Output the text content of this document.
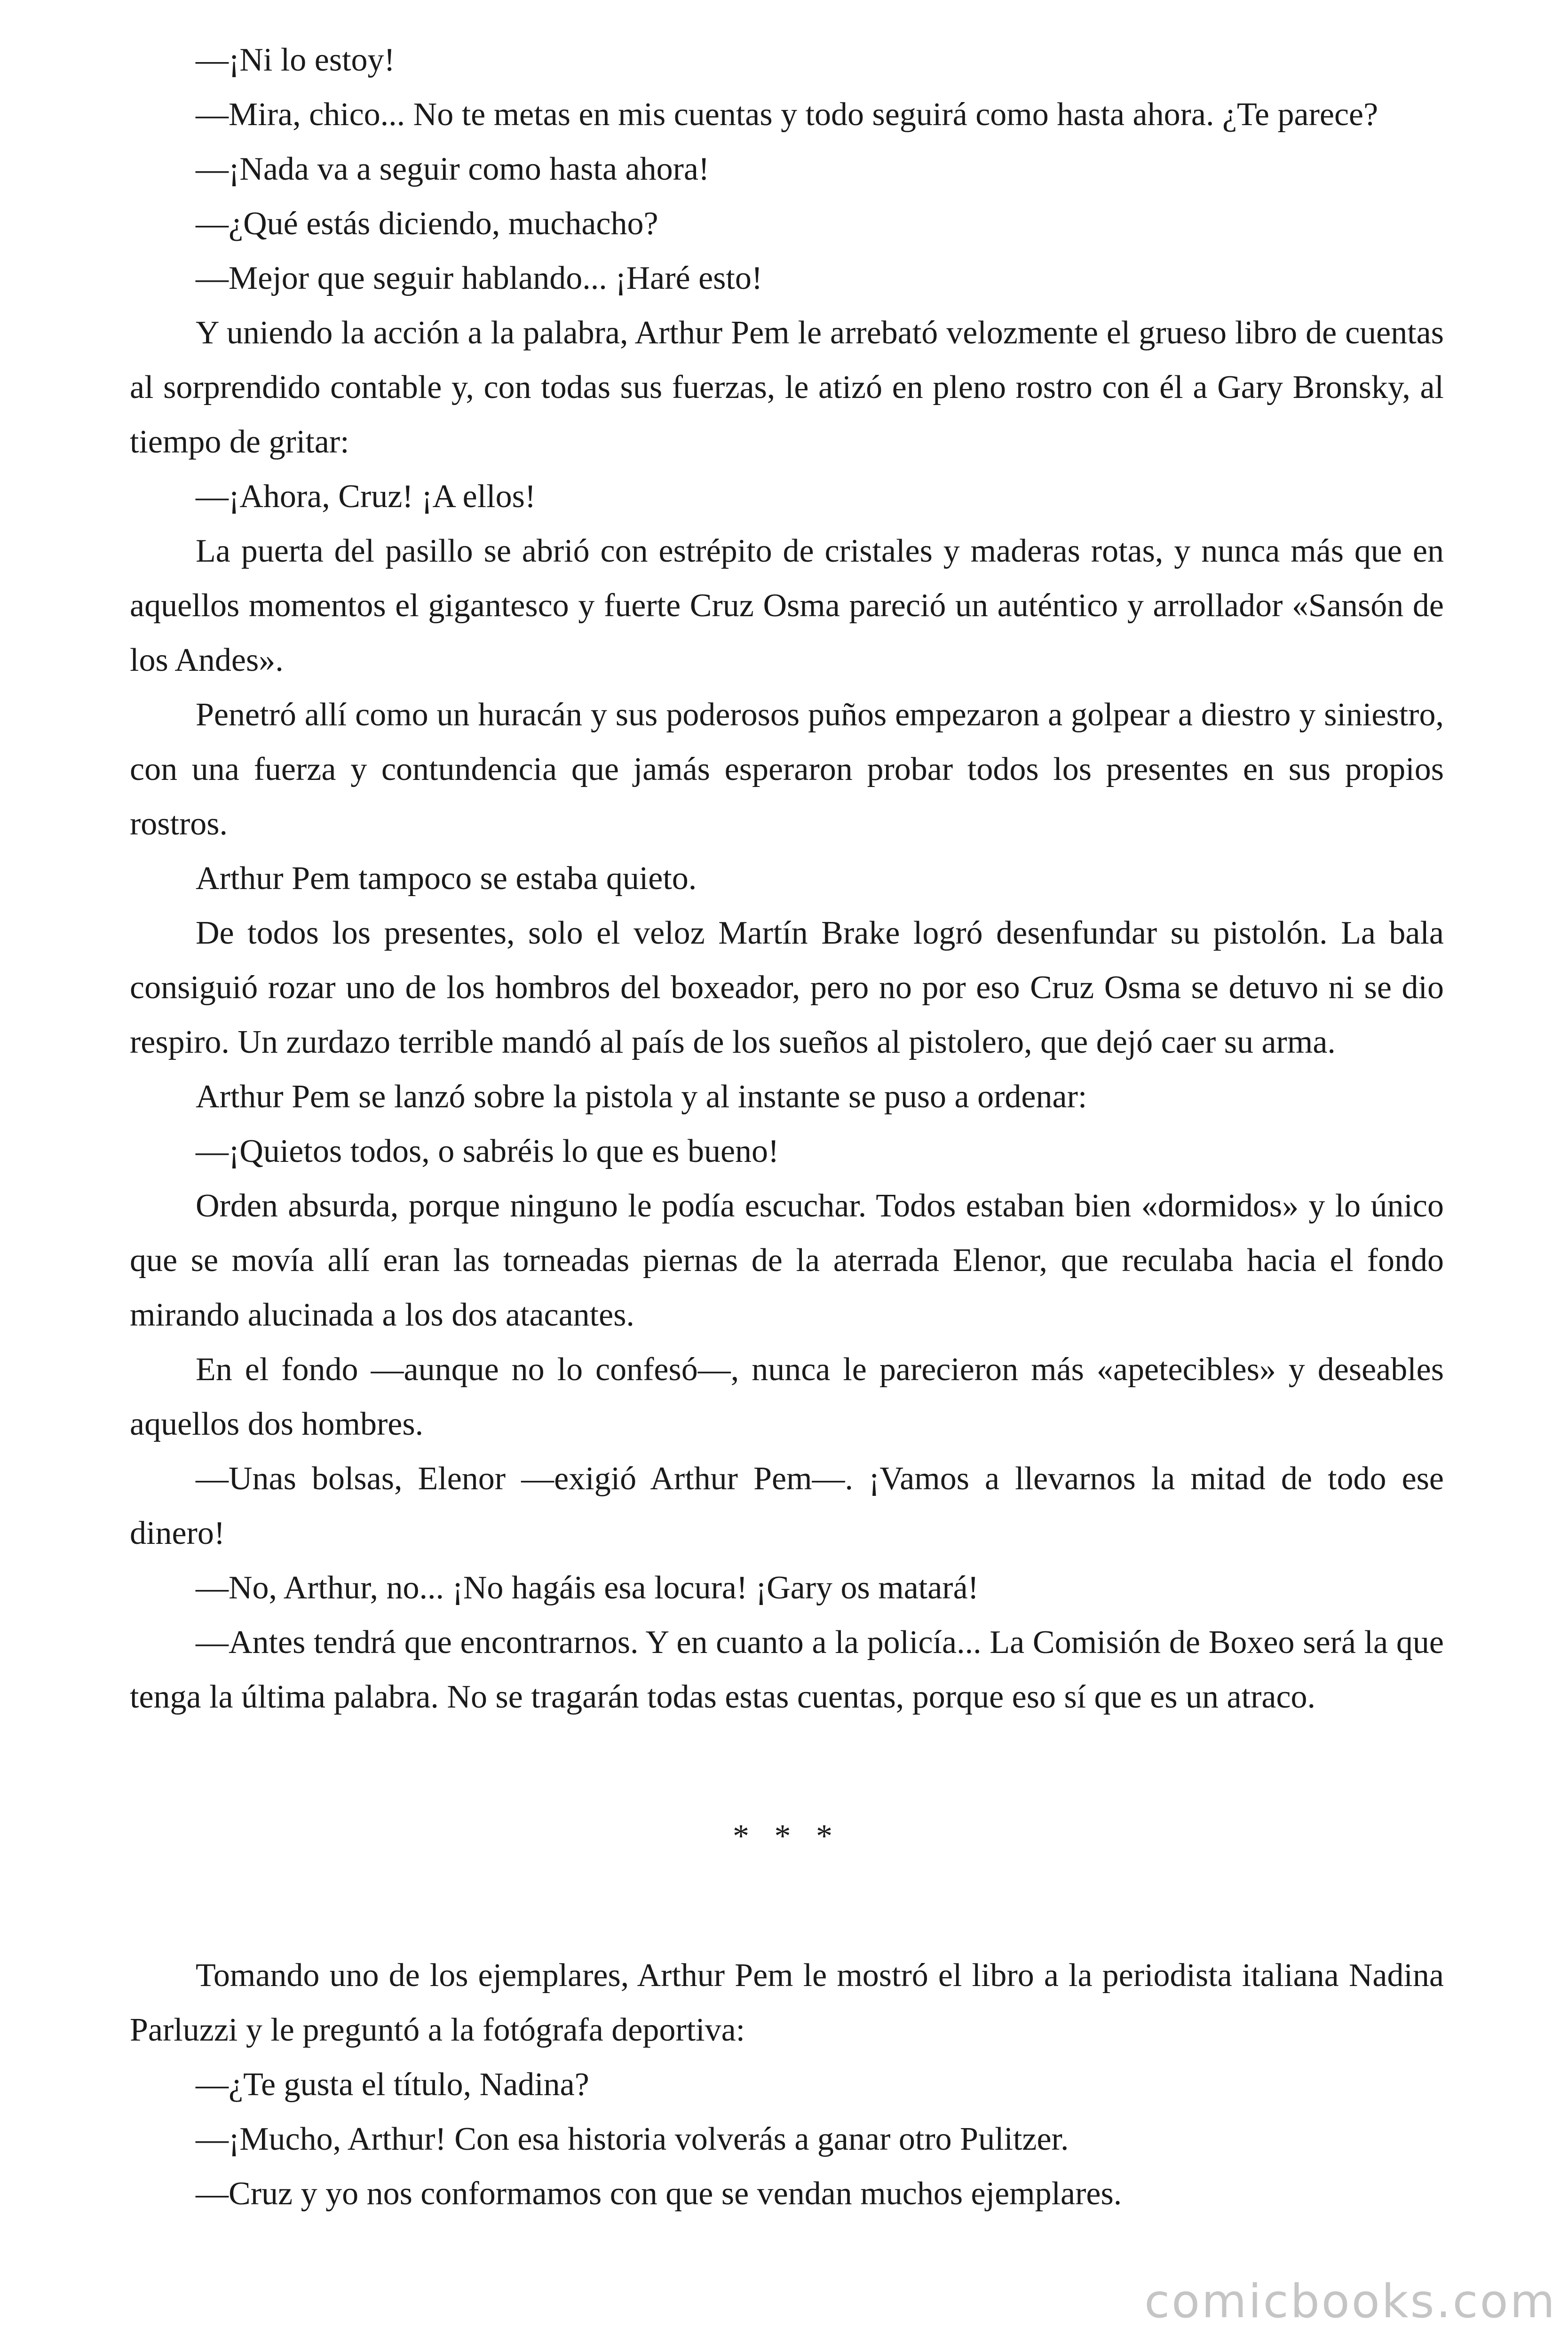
—¡Ni lo estoy!

—Mira, chico... No te metas en mis cuentas y todo seguirá como hasta ahora. ¿Te parece?

—¡Nada va a seguir como hasta ahora!

—¿Qué estás diciendo, muchacho?

—Mejor que seguir hablando... ¡Haré esto!

Y uniendo la acción a la palabra, Arthur Pem le arrebató velozmente el grueso libro de cuentas al sorprendido contable y, con todas sus fuerzas, le atizó en pleno rostro con él a Gary Bronsky, al tiempo de gritar:

—¡Ahora, Cruz! ¡A ellos!

La puerta del pasillo se abrió con estrépito de cristales y maderas rotas, y nunca más que en aquellos momentos el gigantesco y fuerte Cruz Osma pareció un auténtico y arrollador «Sansón de los Andes».

Penetró allí como un huracán y sus poderosos puños empezaron a golpear a diestro y siniestro, con una fuerza y contundencia que jamás esperaron probar todos los presentes en sus propios rostros.

Arthur Pem tampoco se estaba quieto.

De todos los presentes, solo el veloz Martín Brake logró desenfundar su pistolón. La bala consiguió rozar uno de los hombros del boxeador, pero no por eso Cruz Osma se detuvo ni se dio respiro. Un zurdazo terrible mandó al país de los sueños al pistolero, que dejó caer su arma.

Arthur Pem se lanzó sobre la pistola y al instante se puso a ordenar:

—¡Quietos todos, o sabréis lo que es bueno!

Orden absurda, porque ninguno le podía escuchar. Todos estaban bien «dormidos» y lo único que se movía allí eran las torneadas piernas de la aterrada Elenor, que reculaba hacia el fondo mirando alucinada a los dos atacantes.

En el fondo —aunque no lo confesó—, nunca le parecieron más «apetecibles» y deseables aquellos dos hombres.

—Unas bolsas, Elenor —exigió Arthur Pem—. ¡Vamos a llevarnos la mitad de todo ese dinero!

—No, Arthur, no... ¡No hagáis esa locura! ¡Gary os matará!

—Antes tendrá que encontrarnos. Y en cuanto a la policía... La Comisión de Boxeo será la que tenga la última palabra. No se tragarán todas estas cuentas, porque eso sí que es un atraco.

* * *

Tomando uno de los ejemplares, Arthur Pem le mostró el libro a la periodista italiana Nadina Parluzzi y le preguntó a la fotógrafa deportiva:

—¿Te gusta el título, Nadina?

—¡Mucho, Arthur! Con esa historia volverás a ganar otro Pulitzer.

—Cruz y yo nos conformamos con que se vendan muchos ejemplares.

comicbooks.com
